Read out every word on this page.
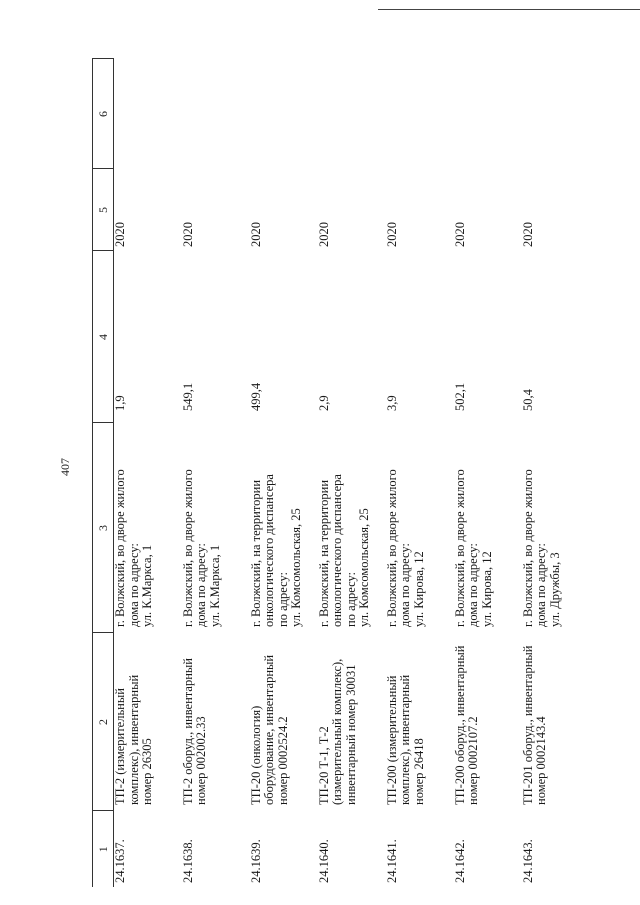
407
1	2	3	4	5	6
24.1637.	ТП-2 (измерительный комплекс), инвентарный номер 26305	г. Волжский, во дворе жилого дома по адресу: ул. К.Маркса, 1	1,9	2020	
24.1638.	ТП-2 оборуд., инвентарный номер 002002.33	г. Волжский, во дворе жилого дома по адресу: ул. К.Маркса, 1	549,1	2020	
24.1639.	ТП-20 (онкология) оборудование, инвентарный номер 0002524.2	г. Волжский, на территории онкологического диспансера по адресу: ул. Комсомольская, 25	499,4	2020	
24.1640.	ТП-20 Т-1, Т-2 (измерительный комплекс), инвентарный номер 30031	г. Волжский, на территории онкологического диспансера по адресу: ул. Комсомольская, 25	2,9	2020	
24.1641.	ТП-200 (измерительный комплекс), инвентарный номер 26418	г. Волжский, во дворе жилого дома по адресу: ул. Кирова, 12	3,9	2020	
24.1642.	ТП-200 оборуд., инвентарный номер 0002107.2	г. Волжский, во дворе жилого дома по адресу: ул. Кирова, 12	502,1	2020	
24.1643.	ТП-201 оборуд., инвентарный номер 0002143.4	г. Волжский, во дворе жилого дома по адресу: ул. Дружбы, 3	50,4	2020	
